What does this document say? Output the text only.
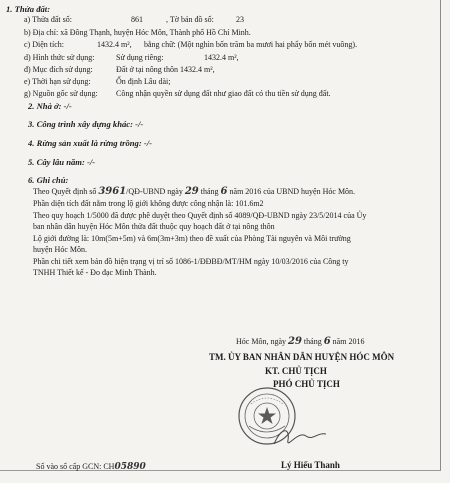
1. Thửa đất:
a) Thửa đất số:	861	, Tờ bản đồ số:	23
b) Địa chỉ: xã Đông Thạnh, huyện Hóc Môn, Thành phố Hồ Chí Minh.
c) Diện tích:	1432.4 m², bằng chữ: (Một nghìn bốn trăm ba mươi hai phẩy bốn mét vuông).
d) Hình thức sử dụng:	Sử dụng riêng:	1432.4 m²,
đ) Mục đích sử dụng:	Đất ở tại nông thôn 1432.4 m²,
e) Thời hạn sử dụng:	Ổn định Lâu dài;
g) Nguồn gốc sử dụng: Công nhận quyền sử dụng đất như giao đất có thu tiền sử dụng đất.
2. Nhà ở: -/-
3. Công trình xây dựng khác: -/-
4. Rừng sản xuất là rừng trồng: -/-
5. Cây lâu năm: -/-
6. Ghi chú:
Theo Quyết định số 3961/QĐ-UBND ngày 29 tháng 6 năm 2016 của UBND huyện Hóc Môn.
Phần diện tích đất nằm trong lộ giới không được công nhận là: 101.6m2
Theo quy hoạch 1/5000 đã được phê duyệt theo Quyết định số 4089/QĐ-UBND ngày 23/5/2014 của Ủy
ban nhân dân huyện Hóc Môn thửa đất thuộc quy hoạch đất ở tại nông thôn
Lộ giới đường là: 10m(5m+5m) và 6m(3m+3m) theo đề xuất của Phòng Tài nguyên và Môi trường
huyện Hóc Môn.
Phần chi tiết xem bản đồ hiện trạng vị trí số 1086-1/ĐĐBĐ/MT/HM ngày 10/03/2016 của Công ty
TNHH Thiết kế - Đo đạc Minh Thành.
Hóc Môn, ngày 29 tháng 6 năm 2016
TM. ỦY BAN NHÂN DÂN HUYỆN HÓC MÔN
KT. CHỦ TỊCH
PHÓ CHỦ TỊCH
Lý Hiếu Thanh
Số vào sổ cấp GCN: CH05890
